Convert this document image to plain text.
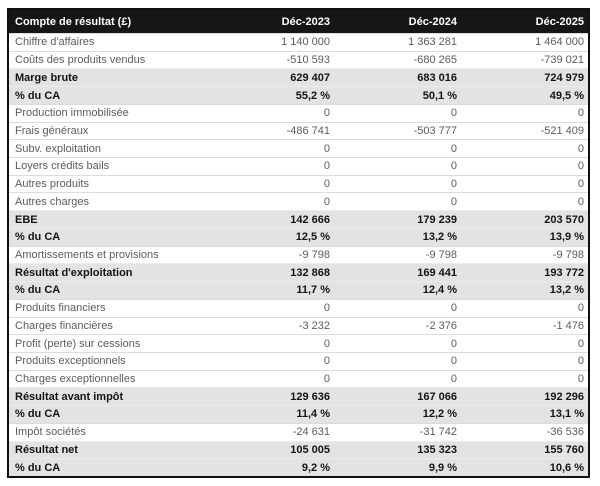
Compte de résultat (£)	Déc-2023	Déc-2024	Déc-2025
Chiffre d'affaires	1 140 000	1 363 281	1 464 000
Coûts des produits vendus	-510 593	-680 265	-739 021
Marge brute	629 407	683 016	724 979
% du CA	55,2 %	50,1 %	49,5 %
Production immobilisée	0	0	0
Frais généraux	-486 741	-503 777	-521 409
Subv. exploitation	0	0	0
Loyers crédits bails	0	0	0
Autres produits	0	0	0
Autres charges	0	0	0
EBE	142 666	179 239	203 570
% du CA	12,5 %	13,2 %	13,9 %
Amortissements et provisions	-9 798	-9 798	-9 798
Résultat d'exploitation	132 868	169 441	193 772
% du CA	11,7 %	12,4 %	13,2 %
Produits financiers	0	0	0
Charges financières	-3 232	-2 376	-1 476
Profit (perte) sur cessions	0	0	0
Produits exceptionnels	0	0	0
Charges exceptionnelles	0	0	0
Résultat avant impôt	129 636	167 066	192 296
% du CA	11,4 %	12,2 %	13,1 %
Impôt sociétés	-24 631	-31 742	-36 536
Résultat net	105 005	135 323	155 760
% du CA	9,2 %	9,9 %	10,6 %
